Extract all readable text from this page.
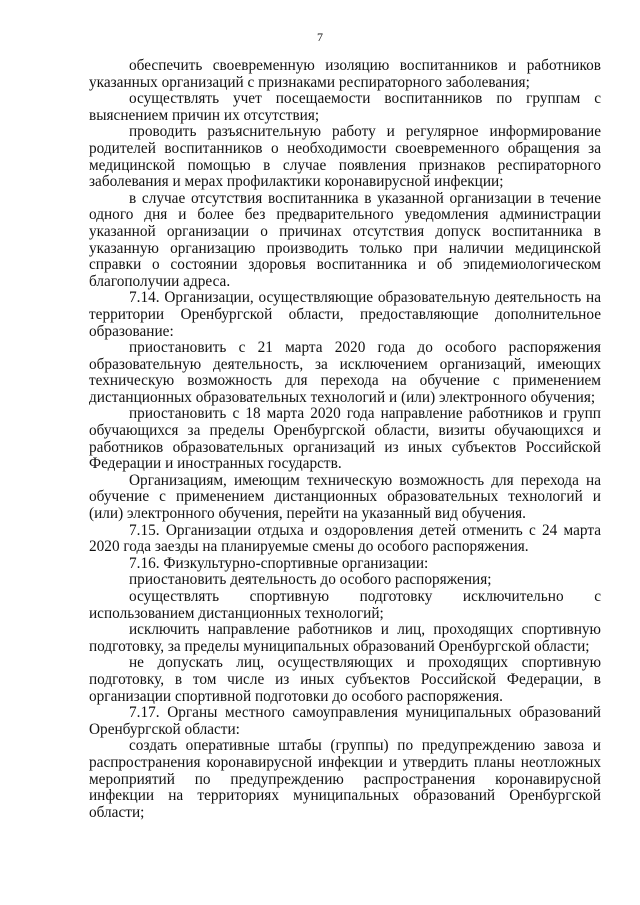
7

обеспечить своевременную изоляцию воспитанников и работников указанных организаций с признаками респираторного заболевания;

осуществлять учет посещаемости воспитанников по группам с выяснением причин их отсутствия;

проводить разъяснительную работу и регулярное информирование родителей воспитанников о необходимости своевременного обращения за медицинской помощью в случае появления признаков респираторного заболевания и мерах профилактики коронавирусной инфекции;

в случае отсутствия воспитанника в указанной организации в течение одного дня и более без предварительного уведомления администрации указанной организации о причинах отсутствия допуск воспитанника в указанную организацию производить только при наличии медицинской справки о состоянии здоровья воспитанника и об эпидемиологическом благополучии адреса.

7.14. Организации, осуществляющие образовательную деятельность на территории Оренбургской области, предоставляющие дополнительное образование:

приостановить с 21 марта 2020 года до особого распоряжения образовательную деятельность, за исключением организаций, имеющих техническую возможность для перехода на обучение с применением дистанционных образовательных технологий и (или) электронного обучения;

приостановить с 18 марта 2020 года направление работников и групп обучающихся за пределы Оренбургской области, визиты обучающихся и работников образовательных организаций из иных субъектов Российской Федерации и иностранных государств.

Организациям, имеющим техническую возможность для перехода на обучение с применением дистанционных образовательных технологий и (или) электронного обучения, перейти на указанный вид обучения.

7.15. Организации отдыха и оздоровления детей отменить с 24 марта 2020 года заезды на планируемые смены до особого распоряжения.

7.16. Физкультурно-спортивные организации:

приостановить деятельность до особого распоряжения;

осуществлять спортивную подготовку исключительно с использованием дистанционных технологий;

исключить направление работников и лиц, проходящих спортивную подготовку, за пределы муниципальных образований Оренбургской области;

не допускать лиц, осуществляющих и проходящих спортивную подготовку, в том числе из иных субъектов Российской Федерации, в организации спортивной подготовки до особого распоряжения.

7.17. Органы местного самоуправления муниципальных образований Оренбургской области:

создать оперативные штабы (группы) по предупреждению завоза и распространения коронавирусной инфекции и утвердить планы неотложных мероприятий по предупреждению распространения коронавирусной инфекции на территориях муниципальных образований Оренбургской области;
